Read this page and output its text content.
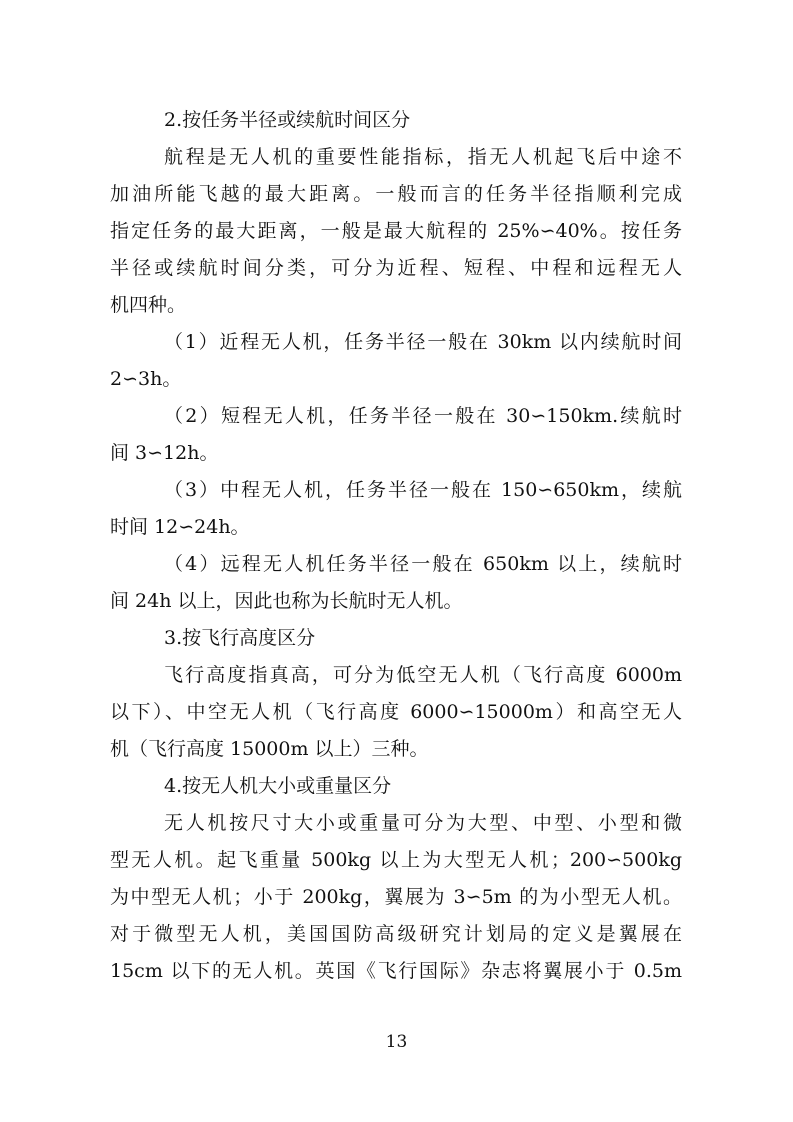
2.按任务半径或续航时间区分
航程是无人机的重要性能指标，指无人机起飞后中途不
加油所能飞越的最大距离。一般而言的任务半径指顺利完成
指定任务的最大距离，一般是最大航程的 25%∽40%。按任务
半径或续航时间分类，可分为近程、短程、中程和远程无人
机四种。
（1）近程无人机，任务半径一般在 30km 以内续航时间
2∽3h。
（2）短程无人机，任务半径一般在 30∽150km.续航时
间 3∽12h。
（3）中程无人机，任务半径一般在 150∽650km，续航
时间 12∽24h。
（4）远程无人机任务半径一般在 650km 以上，续航时
间 24h 以上，因此也称为长航时无人机。
3.按飞行高度区分
飞行高度指真高，可分为低空无人机（飞行高度 6000m
以下）、中空无人机（飞行高度 6000∽15000m）和高空无人
机（飞行高度 15000m 以上）三种。
4.按无人机大小或重量区分
无人机按尺寸大小或重量可分为大型、中型、小型和微
型无人机。起飞重量 500kg 以上为大型无人机；200∽500kg
为中型无人机；小于 200kg，翼展为 3∽5m 的为小型无人机。
对于微型无人机，美国国防高级研究计划局的定义是翼展在
15cm 以下的无人机。英国《飞行国际》杂志将翼展小于 0.5m
13
